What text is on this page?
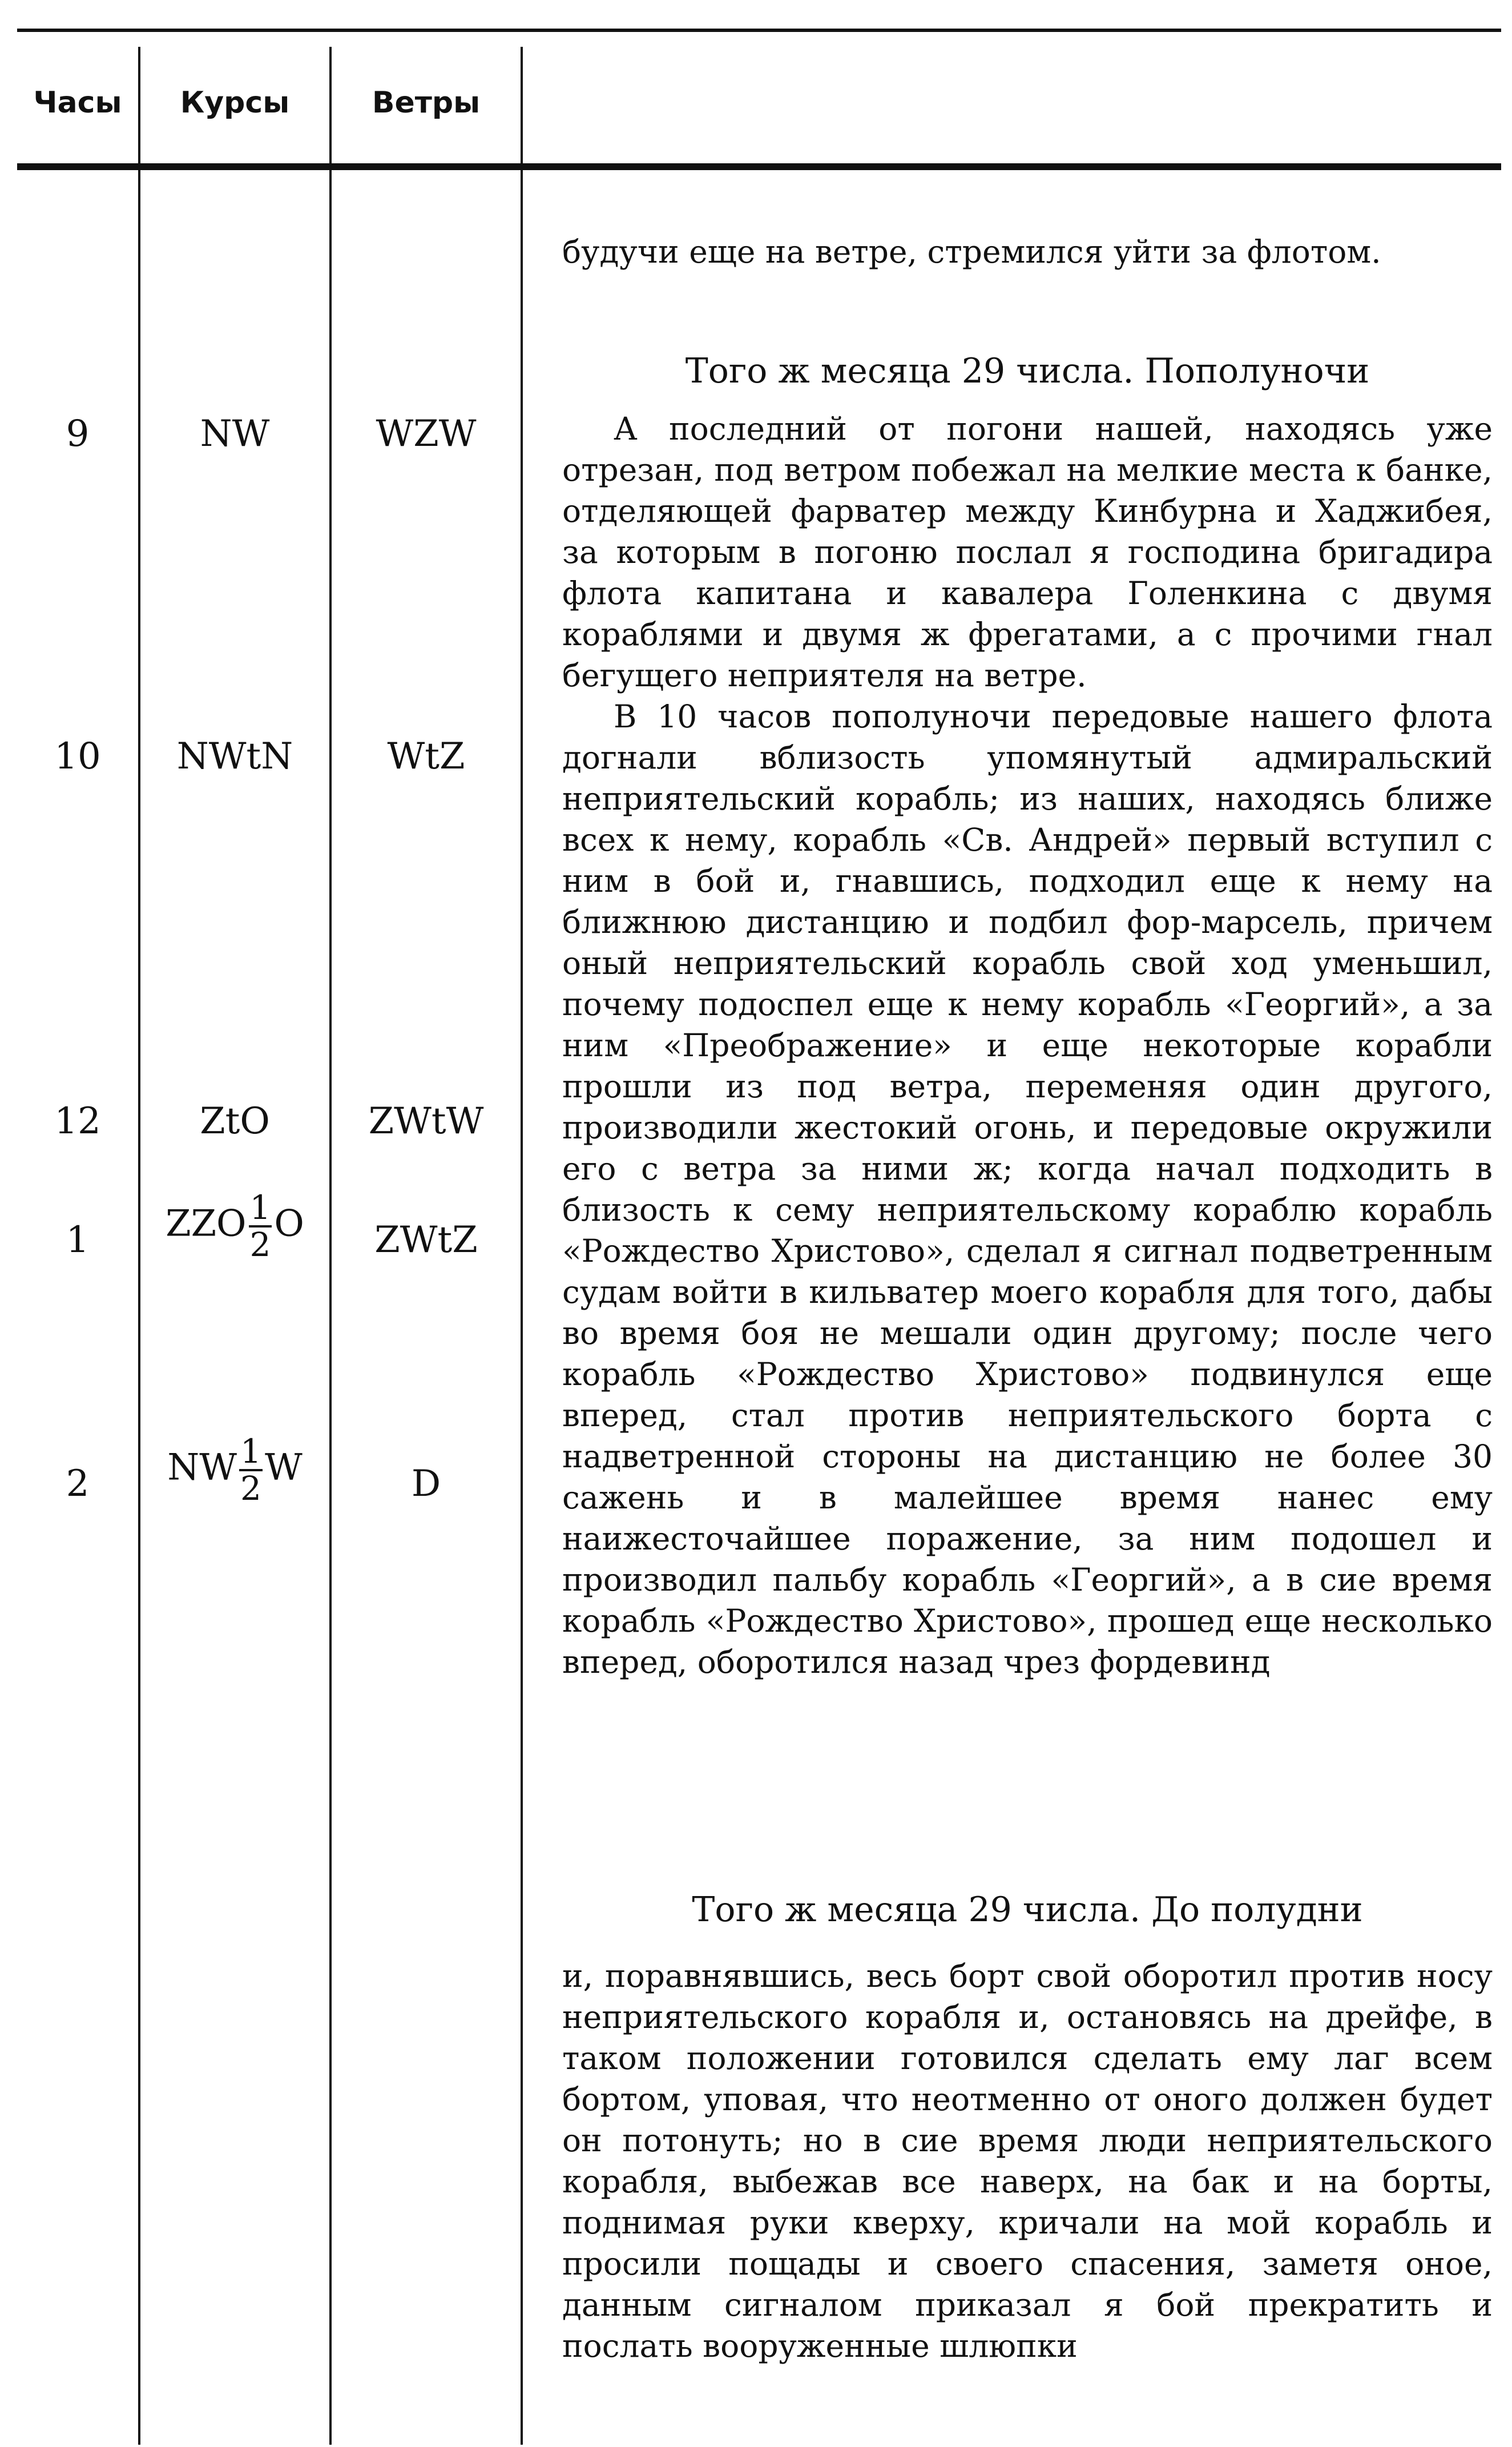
Часы	Курсы	Ветры
9	NW	WZW
10	NWtN	WtZ
12	ZtO	ZWtW
1	ZZO $\frac{1}{2}$ O	ZWtZ
2	NW $\frac{1}{2}$ W	D

будучи еще на ветре, стремился уйти за флотом.

Того ж месяца 29 числа. Пополуночи

А последний от погони нашей, находясь уже отрезан, под ветром побежал на мелкие места к банке, отделяющей фарватер между Кинбурна и Хаджибея, за которым в погоню послал я господина бригадира флота капитана и кавалера Голенкина с двумя кораблями и двумя ж фрегатами, а с прочими гнал бегущего неприятеля на ветре.

В 10 часов пополуночи передовые нашего флота догнали вблизость упомянутый адмиральский неприятельский корабль; из наших, находясь ближе всех к нему, корабль «Св. Андрей» первый вступил с ним в бой и, гнавшись, подходил еще к нему на ближнюю дистанцию и подбил фор-марсель, причем оный неприятельский корабль свой ход уменьшил, почему подоспел еще к нему корабль «Георгий», а за ним «Преображение» и еще некоторые корабли прошли из под ветра, переменяя один другого, производили жестокий огонь, и передовые окружили его с ветра за ними ж; когда начал подходить в близость к сему неприятельскому кораблю корабль «Рождество Христово», сделал я сигнал подветренным судам войти в кильватер моего корабля для того, дабы во время боя не мешали один другому; после чего корабль «Рождество Христово» подвинулся еще вперед, стал против неприятельского борта с надветренной стороны на дистанцию не более 30 сажень и в малейшее время нанес ему наижесточайшее поражение, за ним подошел и производил пальбу корабль «Георгий», а в сие время корабль «Рождество Христово», прошед еще несколько вперед, оборотился назад чрез фордевинд

Того ж месяца 29 числа. До полудни

и, поравнявшись, весь борт свой оборотил против носу неприятельского корабля и, остановясь на дрейфе, в таком положении готовился сделать ему лаг всем бортом, уповая, что неотменно от оного должен будет он потонуть; но в сие время люди неприятельского корабля, выбежав все наверх, на бак и на борты, поднимая руки кверху, кричали на мой корабль и просили пощады и своего спасения, заметя оное, данным сигналом приказал я бой прекратить и послать вооруженные шлюпки
